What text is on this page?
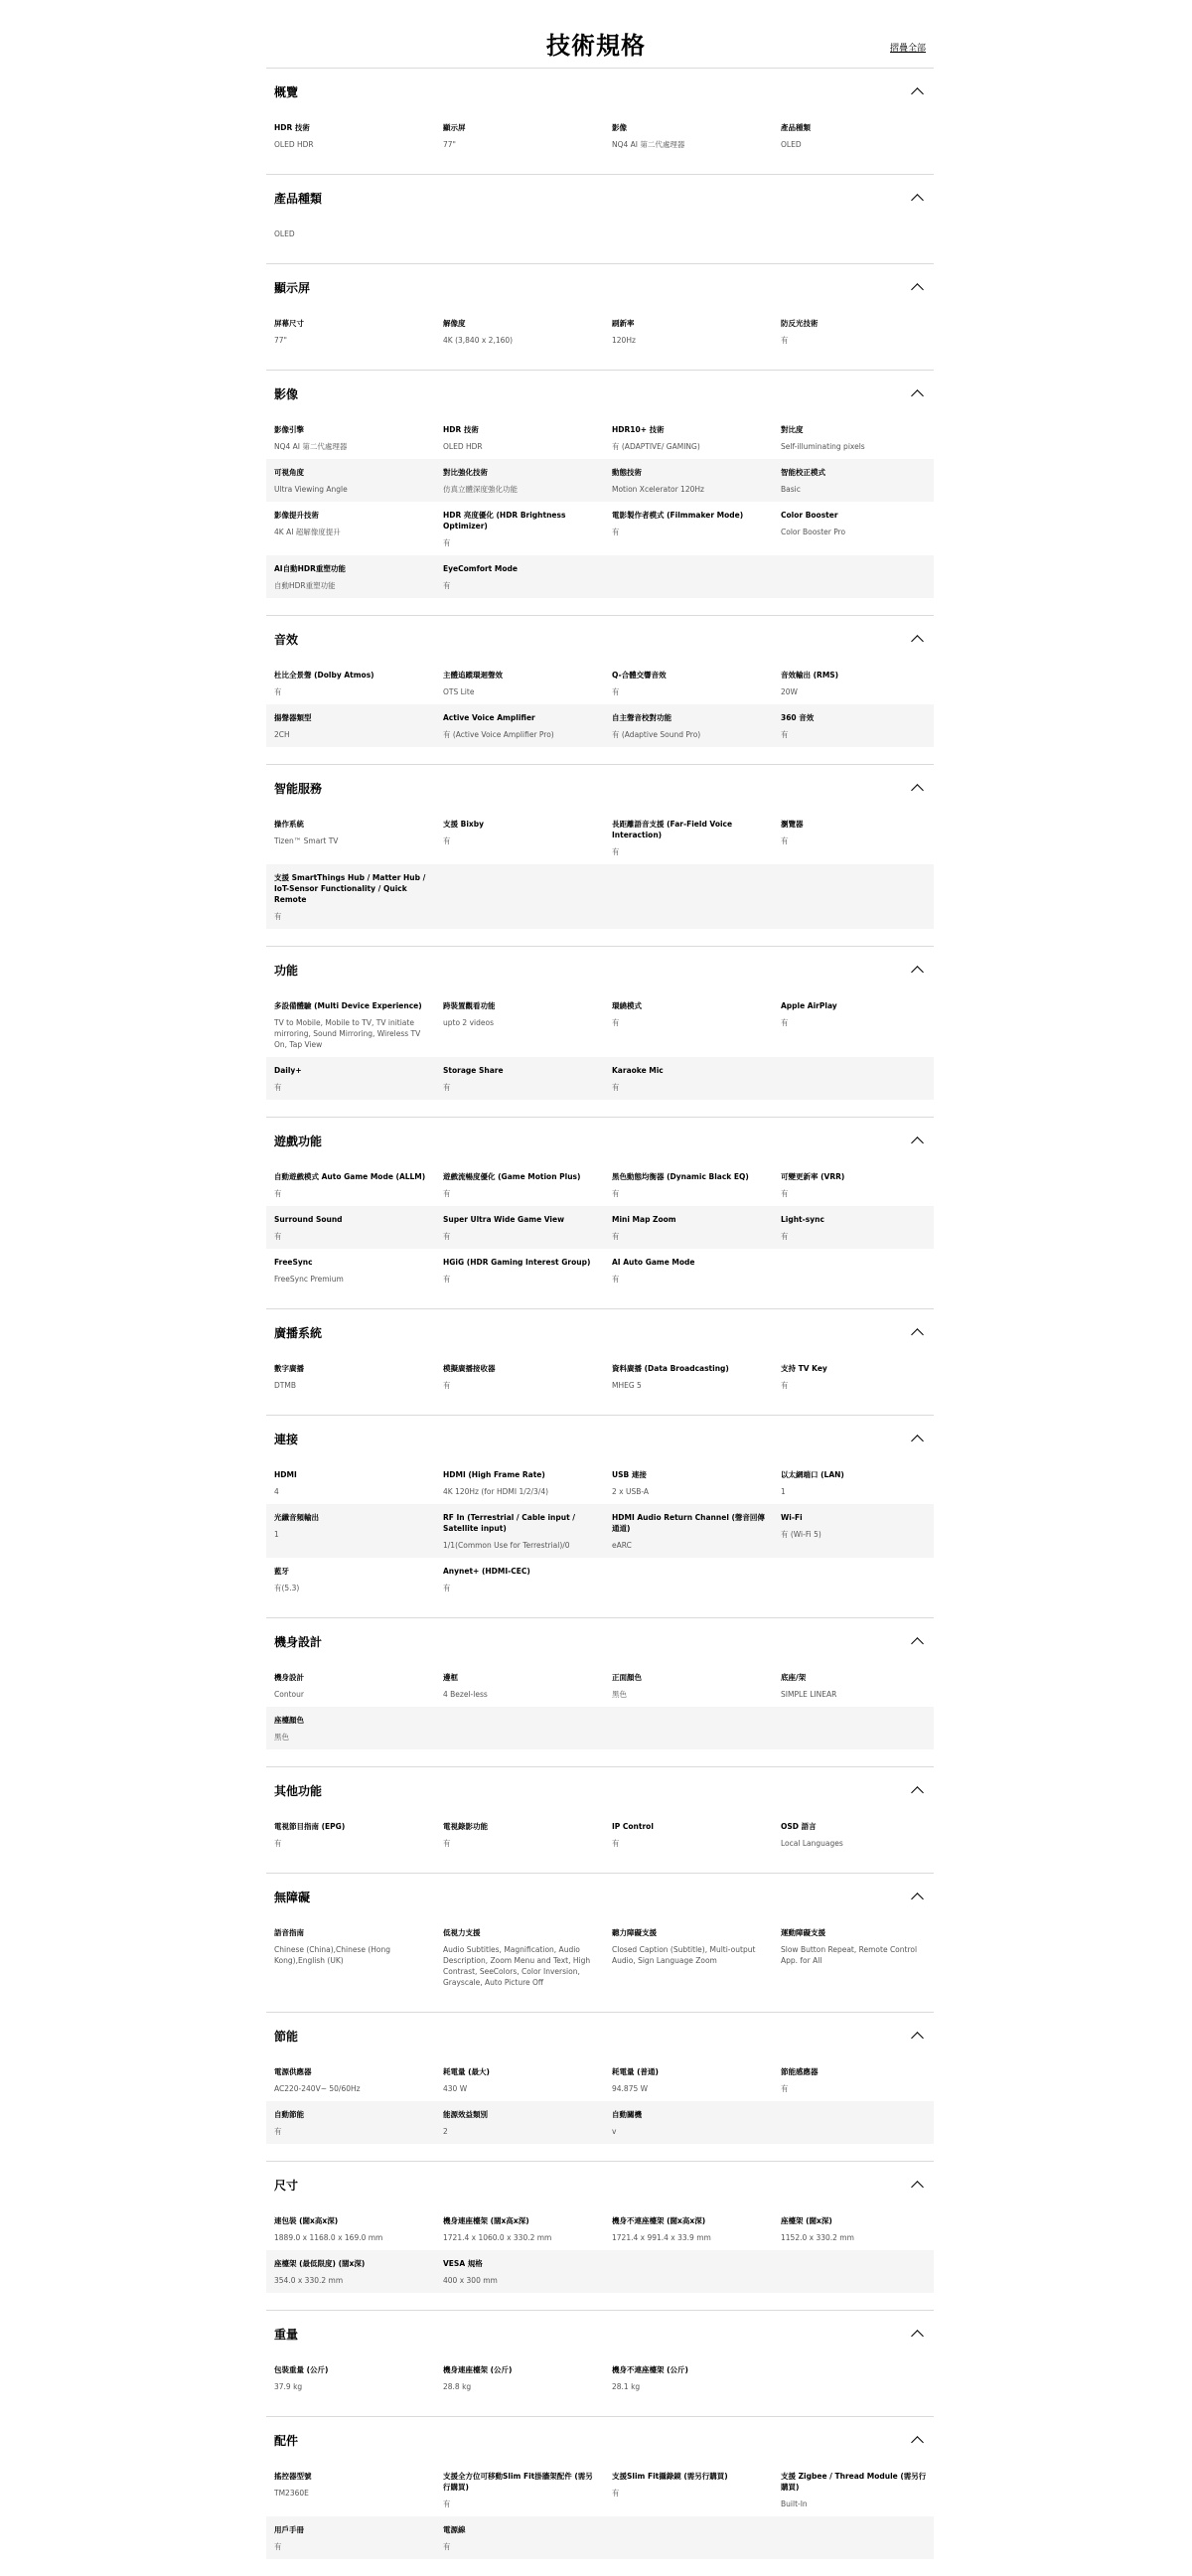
技術規格	摺疊全部
概覽
HDR 技術
OLED HDR
顯示屏
77"
影像
NQ4 AI 第二代處理器
產品種類
OLED
產品種類
OLED
顯示屏
屏幕尺寸
77"
解像度
4K (3,840 x 2,160)
刷新率
120Hz
防反光技術
有
影像
影像引擎
NQ4 AI 第二代處理器
HDR 技術
OLED HDR
HDR10+ 技術
有 (ADAPTIVE/ GAMING)
對比度
Self-illuminating pixels
可視角度
Ultra Viewing Angle
對比強化技術
仿真立體深度強化功能
動態技術
Motion Xcelerator 120Hz
智能校正模式
Basic
影像提升技術
4K AI 超解像度提升
HDR 亮度優化 (HDR Brightness Optimizer)
有
電影製作者模式 (Filmmaker Mode)
有
Color Booster
Color Booster Pro
AI自動HDR重塑功能
自動HDR重塑功能
EyeComfort Mode
有
音效
杜比全景聲 (Dolby Atmos)
有
主體追蹤環迴聲效
OTS Lite
Q-合體交響音效
有
音效輸出 (RMS)
20W
揚聲器類型
2CH
Active Voice Amplifier
有 (Active Voice Amplifier Pro)
自主聲音校對功能
有 (Adaptive Sound Pro)
360 音效
有
智能服務
操作系統
Tizen™ Smart TV
支援 Bixby
有
長距離語音支援 (Far-Field Voice Interaction)
有
瀏覽器
有
支援 SmartThings Hub / Matter Hub / IoT-Sensor Functionality / Quick Remote
有
功能
多設備體驗 (Multi Device Experience)
TV to Mobile, Mobile to TV, TV initiate mirroring, Sound Mirroring, Wireless TV On, Tap View
跨裝置觀看功能
upto 2 videos
環繞模式
有
Apple AirPlay
有
Daily+
有
Storage Share
有
Karaoke Mic
有
遊戲功能
自動遊戲模式 Auto Game Mode (ALLM)
有
遊戲流暢度優化 (Game Motion Plus)
有
黑色動態均衡器 (Dynamic Black EQ)
有
可變更新率 (VRR)
有
Surround Sound
有
Super Ultra Wide Game View
有
Mini Map Zoom
有
Light-sync
有
FreeSync
FreeSync Premium
HGiG (HDR Gaming Interest Group)
有
AI Auto Game Mode
有
廣播系統
數字廣播
DTMB
模擬廣播接收器
有
資料廣播 (Data Broadcasting)
MHEG 5
支持 TV Key
有
連接
HDMI
4
HDMI (High Frame Rate)
4K 120Hz (for HDMI 1/2/3/4)
USB 連接
2 x USB-A
以太網端口 (LAN)
1
光纖音頻輸出
1
RF In (Terrestrial / Cable input / Satellite input)
1/1(Common Use for Terrestrial)/0
HDMI Audio Return Channel (聲音回傳通道)
eARC
Wi-Fi
有 (Wi-Fi 5)
藍牙
有(5.3)
Anynet+ (HDMI-CEC)
有
機身設計
機身設計
Contour
邊框
4 Bezel-less
正面顏色
黑色
底座/架
SIMPLE LINEAR
座檯顏色
黑色
其他功能
電視節目指南 (EPG)
有
電視錄影功能
有
IP Control
有
OSD 語言
Local Languages
無障礙
語音指南
Chinese (China),Chinese (Hong Kong),English (UK)
低視力支援
Audio Subtitles, Magnification, Audio Description, Zoom Menu and Text, High Contrast, SeeColors, Color Inversion, Grayscale, Auto Picture Off
聽力障礙支援
Closed Caption (Subtitle), Multi-output Audio, Sign Language Zoom
運動障礙支援
Slow Button Repeat, Remote Control App. for All
節能
電源供應器
AC220-240V~ 50/60Hz
耗電量 (最大)
430 W
耗電量 (普通)
94.875 W
節能感應器
有
自動節能
有
能源效益類別
2
自動關機
v
尺寸
連包裝 (闊x高x深)
1889.0 x 1168.0 x 169.0 mm
機身連座檯架 (闊x高x深)
1721.4 x 1060.0 x 330.2 mm
機身不連座檯架 (闊x高x深)
1721.4 x 991.4 x 33.9 mm
座檯架 (闊x深)
1152.0 x 330.2 mm
座檯架 (最低限度) (闊x深)
354.0 x 330.2 mm
VESA 規格
400 x 300 mm
重量
包裝重量 (公斤)
37.9 kg
機身連座檯架 (公斤)
28.8 kg
機身不連座檯架 (公斤)
28.1 kg
配件
搖控器型號
TM2360E
支援全方位可移動Slim Fit掛牆架配件 (需另行購買)
有
支援Slim Fit攝錄鏡 (需另行購買)
有
支援 Zigbee / Thread Module (需另行購買)
Built-In
用戶手冊
有
電源線
有
